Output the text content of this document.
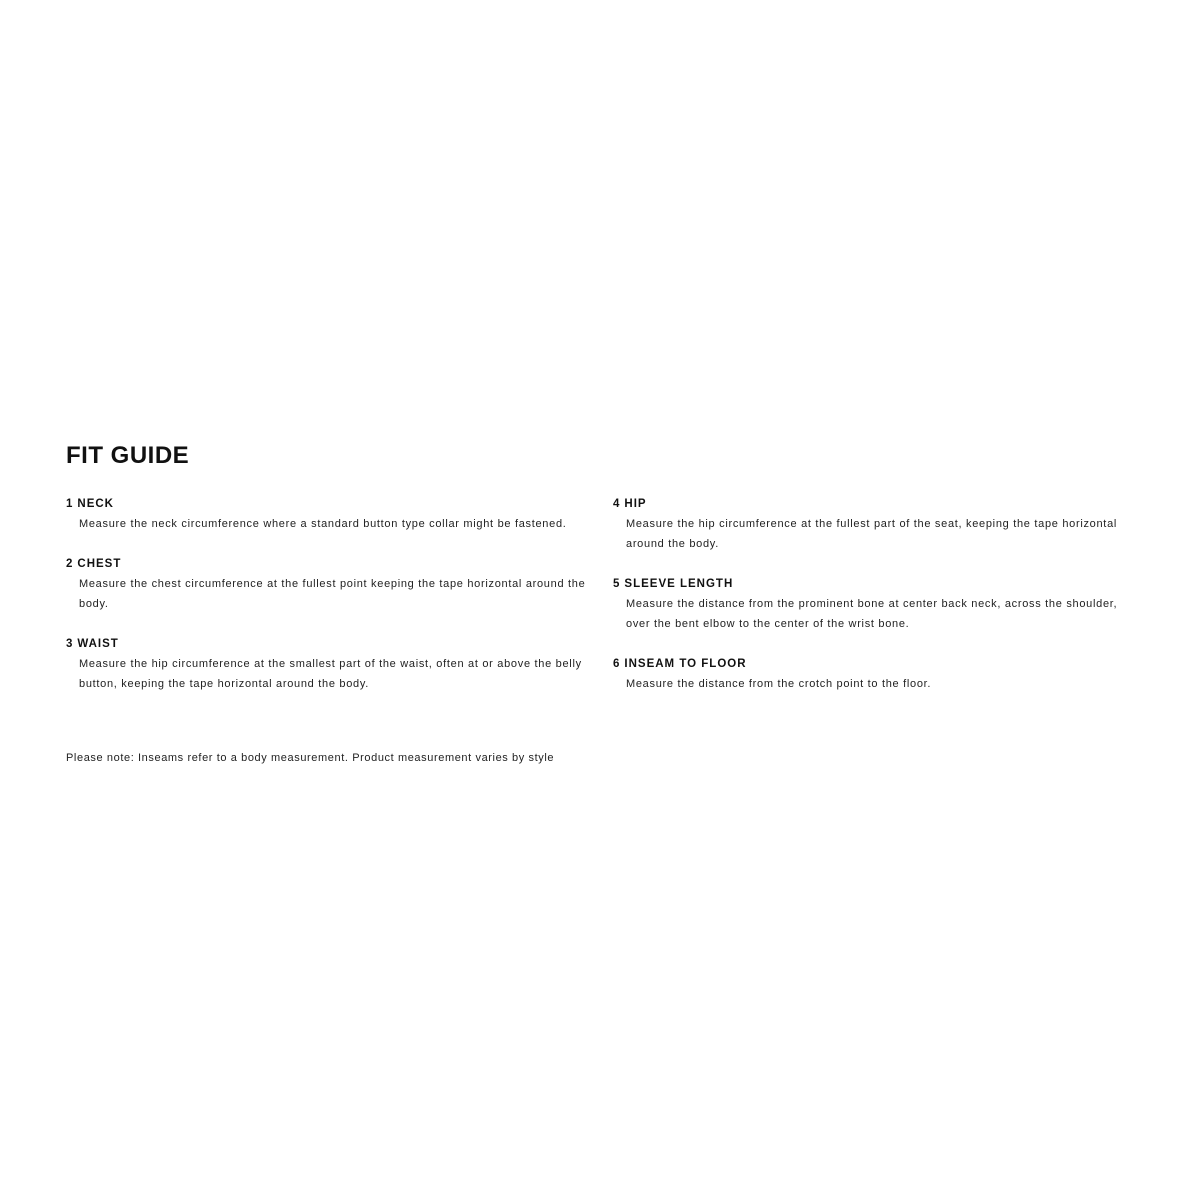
FIT GUIDE

1 NECK

Measure the neck circumference where a standard button type collar might be fastened.

2 CHEST

Measure the chest circumference at the fullest point keeping the tape horizontal around the body.

3 WAIST

Measure the hip circumference at the smallest part of the waist, often at or above the belly button, keeping the tape horizontal around the body.

4 HIP

Measure the hip circumference at the fullest part of the seat, keeping the tape horizontal around the body.

5 SLEEVE LENGTH

Measure the distance from the prominent bone at center back neck, across the shoulder, over the bent elbow to the center of the wrist bone.

6 INSEAM TO FLOOR

Measure the distance from the crotch point to the floor.

Please note: Inseams refer to a body measurement. Product measurement varies by style
